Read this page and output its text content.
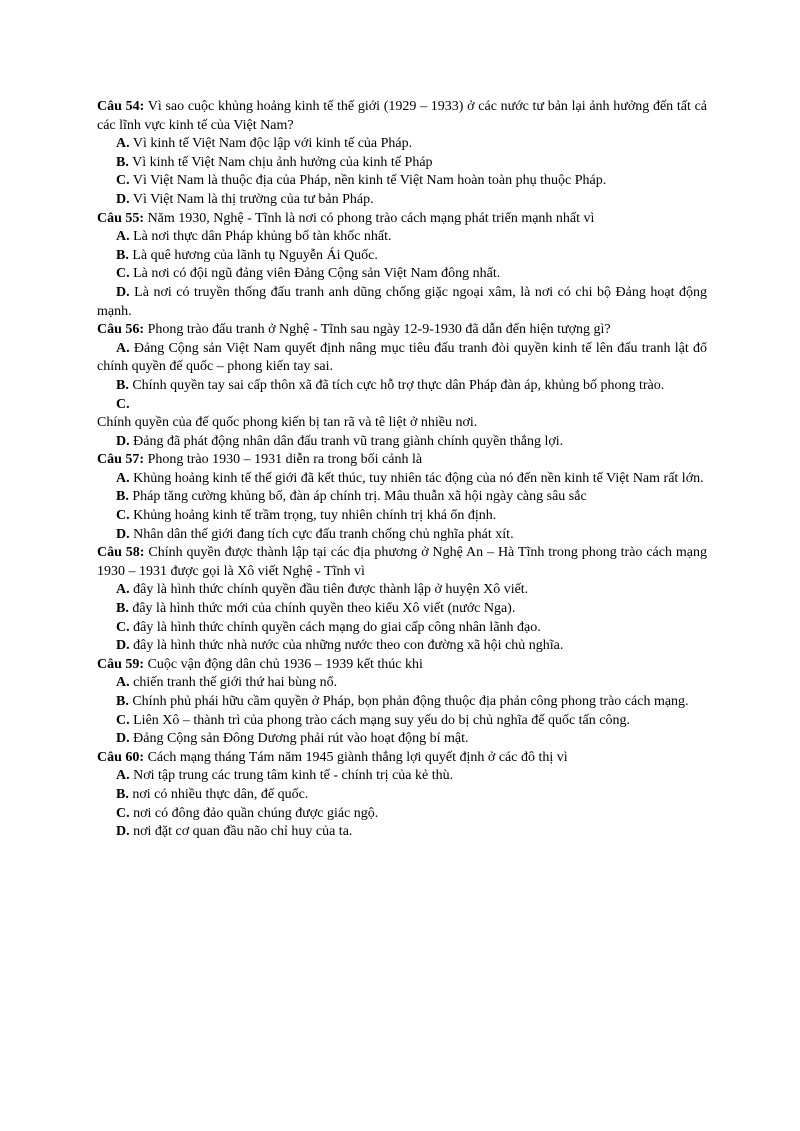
Câu 54: Vì sao cuộc khủng hoảng kinh tế thế giới (1929 – 1933) ở các nước tư bản lại ảnh hưởng đến tất cả các lĩnh vực kinh tế của Việt Nam?

A. Vì kinh tế Việt Nam độc lập với kinh tế của Pháp.

B. Vì kinh tế Việt Nam chịu ảnh hưởng của kinh tế Pháp

C. Vì Việt Nam là thuộc địa của Pháp, nền kinh tế Việt Nam hoàn toàn phụ thuộc Pháp.

D. Vì Việt Nam là thị trường của tư bản Pháp.

Câu 55: Năm 1930, Nghệ - Tĩnh là nơi có phong trào cách mạng phát triển mạnh nhất vì

A. Là nơi thực dân Pháp khủng bố tàn khốc nhất.

B. Là quê hương của lãnh tụ Nguyễn Ái Quốc.

C. Là nơi có đội ngũ đảng viên Đảng Cộng sản Việt Nam đông nhất.

D. Là nơi có truyền thống đấu tranh anh dũng chống giặc ngoại xâm, là nơi có chi bộ Đảng hoạt động mạnh.

Câu 56: Phong trào đấu tranh ở Nghệ - Tĩnh sau ngày 12-9-1930 đã dẫn đến hiện tượng gì?

A. Đảng Cộng sản Việt Nam quyết định nâng mục tiêu đấu tranh đòi quyền kinh tế lên đấu tranh lật đổ chính quyền đế quốc – phong kiến tay sai.

B. Chính quyền tay sai cấp thôn xã đã tích cực hỗ trợ thực dân Pháp đàn áp, khủng bố phong trào.

C.

Chính quyền của đế quốc phong kiến bị tan rã và tê liệt ở nhiều nơi.

D. Đảng đã phát động nhân dân đấu tranh vũ trang giành chính quyền thắng lợi.

Câu 57: Phong trào 1930 – 1931 diễn ra trong bối cảnh là

A. Khủng hoảng kinh tế thế giới đã kết thúc, tuy nhiên tác động của nó đến nền kinh tế Việt Nam rất lớn.

B. Pháp tăng cường khủng bố, đàn áp chính trị. Mâu thuẫn xã hội ngày càng sâu sắc

C. Khủng hoảng kinh tế trầm trọng, tuy nhiên chính trị khá ổn định.

D. Nhân dân thế giới đang tích cực đấu tranh chống chủ nghĩa phát xít.

Câu 58: Chính quyền được thành lập tại các địa phương ở Nghệ An – Hà Tĩnh trong phong trào cách mạng 1930 – 1931 được gọi là Xô viết Nghệ - Tĩnh vì

A. đây là hình thức chính quyền đầu tiên được thành lập ở huyện Xô viết.

B. đây là hình thức mới của chính quyền theo kiểu Xô viết (nước Nga).

C. đây là hình thức chính quyền cách mạng do giai cấp công nhân lãnh đạo.

D. đây là hình thức nhà nước của những nước theo con đường xã hội chủ nghĩa.

Câu 59: Cuộc vận động dân chủ 1936 – 1939 kết thúc khi

A. chiến tranh thế giới thứ hai bùng nổ.

B. Chính phủ phái hữu cầm quyền ở Pháp, bọn phản động thuộc địa phản công phong trào cách mạng.

C. Liên Xô – thành trì của phong trào cách mạng suy yếu do bị chủ nghĩa đế quốc tấn công.

D. Đảng Cộng sản Đông Dương phải rút vào hoạt động bí mật.

Câu 60: Cách mạng tháng Tám năm 1945 giành thắng lợi quyết định ở các đô thị vì

A. Nơi tập trung các trung tâm kinh tế - chính trị của kẻ thù.

B. nơi có nhiều thực dân, đế quốc.

C. nơi có đông đảo quần chúng được giác ngộ.

D. nơi đặt cơ quan đầu não chỉ huy của ta.
